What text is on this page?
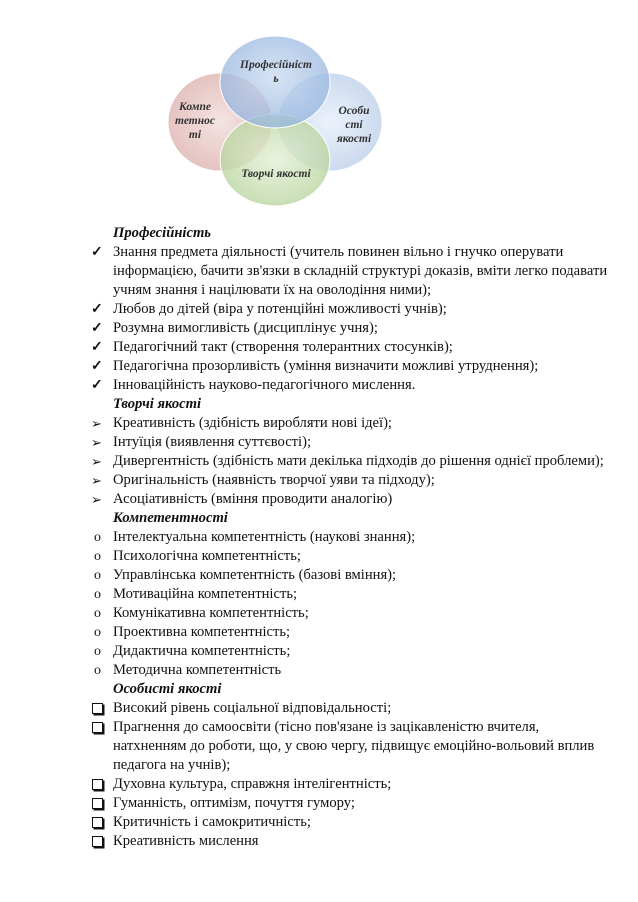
Професійніст
ь
Компе
тетнос
ті
Особи
сті
якості
Творчі якості
Професійність
✓ Знання предмета діяльності (учитель повинен вільно і гнучко оперувати інформацією, бачити зв'язки в складній структурі доказів, вміти легко подавати учням знання і націлювати їх на оволодіння ними);
✓ Любов до дітей (віра у потенційні можливості учнів);
✓ Розумна вимогливість (дисциплінує учня);
✓ Педагогічний такт (створення толерантних стосунків);
✓ Педагогічна прозорливість (уміння визначити можливі утруднення);
✓ Інноваційність науково-педагогічного мислення.
Творчі якості
➢ Креативність (здібність виробляти нові ідеї);
➢ Інтуїція (виявлення суттєвості);
➢ Дивергентність (здібність мати декілька підходів до рішення однієї проблеми);
➢ Оригінальність (наявність творчої уяви та підходу);
➢ Асоціативність (вміння проводити аналогію)
Компетентності
o Інтелектуальна компетентність (наукові знання);
o Психологічна компетентність;
o Управлінська компетентність (базові вміння);
o Мотиваційна компетентність;
o Комунікативна компетентність;
o Проективна компетентність;
o Дидактична компетентність;
o Методична компетентність
Особисті якості
Високий рівень соціальної відповідальності;
Прагнення до самоосвіти (тісно пов'язане із зацікавленістю вчителя, натхненням до роботи, що, у свою чергу, підвищує емоційно-вольовий вплив педагога на учнів);
Духовна культура, справжня інтелігентність;
Гуманність, оптимізм, почуття гумору;
Критичність і самокритичність;
Креативність мислення
